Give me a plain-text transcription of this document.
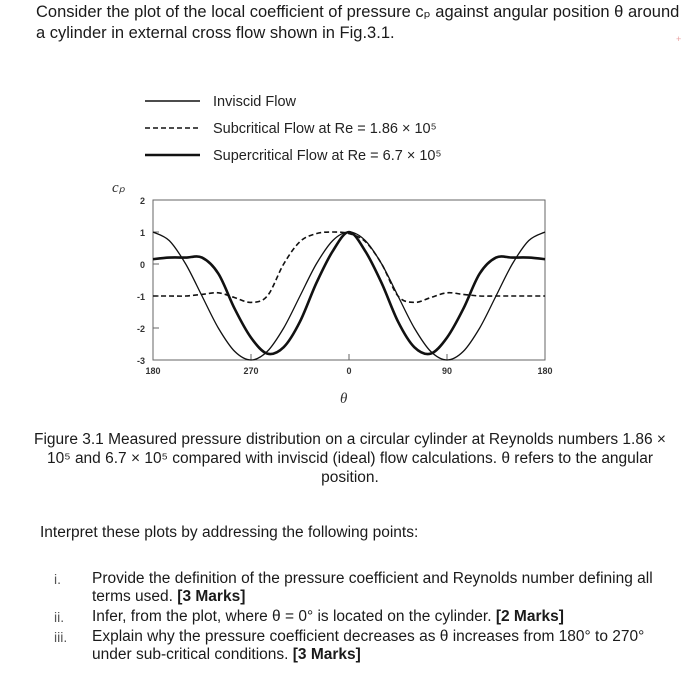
Consider the plot of the local coefficient of pressure cₚ against angular position θ around a cylinder in external cross flow shown in Fig.3.1.	+
Inviscid Flow
Subcritical Flow at Re = 1.86 × 10⁵
Supercritical Flow at Re = 6.7 × 10⁵
cₚ
θ
2
1
0
-1
-2
-3
180	270	0	90	180

Figure 3.1 Measured pressure distribution on a circular cylinder at Reynolds numbers 1.86 × 10⁵ and 6.7 × 10⁵ compared with inviscid (ideal) flow calculations. θ refers to the angular position.

Interpret these plots by addressing the following points:

i.	Provide the definition of the pressure coefficient and Reynolds number defining all terms used. [3 Marks]
ii.	Infer, from the plot, where θ = 0° is located on the cylinder. [2 Marks]
iii.	Explain why the pressure coefficient decreases as θ increases from 180° to 270° under sub-critical conditions. [3 Marks]
